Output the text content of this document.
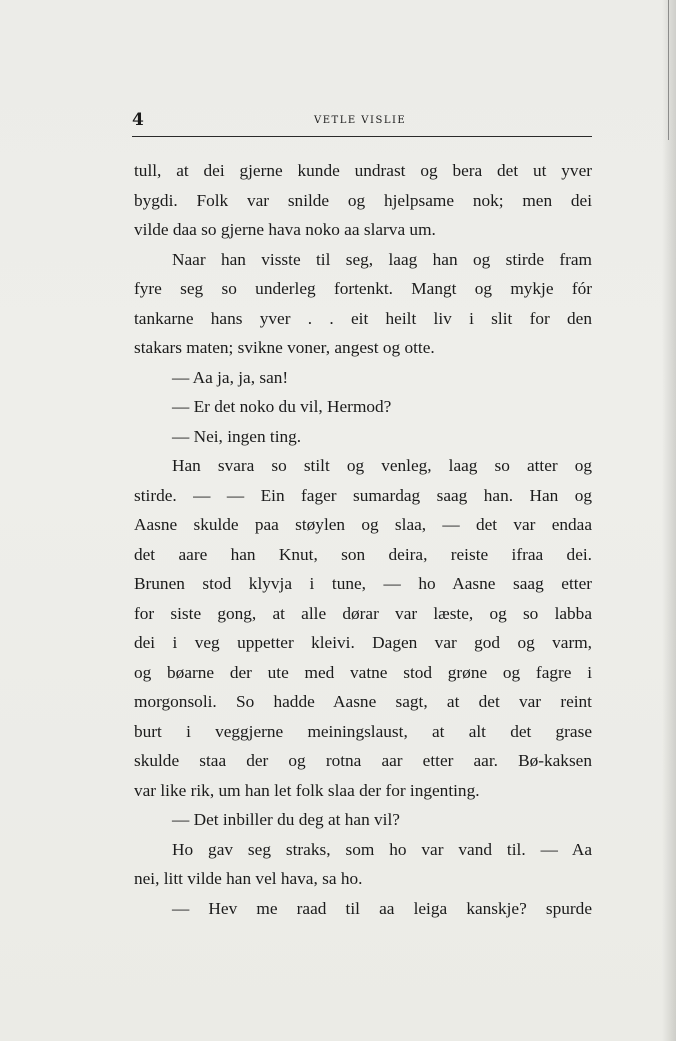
4	VETLE VISLIE
tull, at dei gjerne kunde undrast og bera det ut yver
bygdi. Folk var snilde og hjelpsame nok; men dei
vilde daa so gjerne hava noko aa slarva um.
Naar han visste til seg, laag han og stirde fram
fyre seg so underleg fortenkt. Mangt og mykje fór
tankarne hans yver . . eit heilt liv i slit for den
stakars maten; svikne voner, angest og otte.
— Aa ja, ja, san!
— Er det noko du vil, Hermod?
— Nei, ingen ting.
Han svara so stilt og venleg, laag so atter og
stirde. — — Ein fager sumardag saag han. Han og
Aasne skulde paa støylen og slaa, — det var endaa
det aare han Knut, son deira, reiste ifraa dei.
Brunen stod klyvja i tune, — ho Aasne saag etter
for siste gong, at alle dørar var læste, og so labba
dei i veg uppetter kleivi. Dagen var god og varm,
og bøarne der ute med vatne stod grøne og fagre i
morgonsoli. So hadde Aasne sagt, at det var reint
burt i veggjerne meiningslaust, at alt det grase
skulde staa der og rotna aar etter aar. Bø-kaksen
var like rik, um han let folk slaa der for ingenting.
— Det inbiller du deg at han vil?
Ho gav seg straks, som ho var vand til. — Aa
nei, litt vilde han vel hava, sa ho.
— Hev me raad til aa leiga kanskje? spurde
